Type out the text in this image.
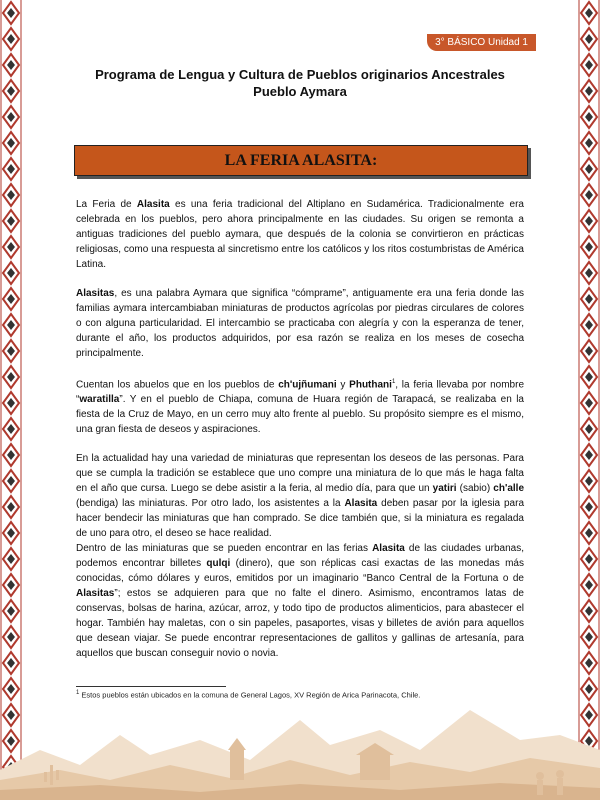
3° BÁSICO Unidad 1
Programa de Lengua y Cultura de Pueblos originarios Ancestrales
Pueblo Aymara
LA FERIA ALASITA:

La Feria de Alasita es una feria tradicional del Altiplano en Sudamérica. Tradicionalmente era celebrada en los pueblos, pero ahora principalmente en las ciudades. Su origen se remonta a antiguas tradiciones del pueblo aymara, que después de la colonia se convirtieron en prácticas religiosas, como una respuesta al sincretismo entre los católicos y los ritos costumbristas de América Latina.

Alasitas, es una palabra Aymara que significa “cómprame”, antiguamente era una feria donde las familias aymara intercambiaban miniaturas de productos agrícolas por piedras circulares de colores o con alguna particularidad. El intercambio se practicaba con alegría y con la esperanza de tener, durante el año, los productos adquiridos, por esa razón se realiza en los meses de cosecha principalmente.

Cuentan los abuelos que en los pueblos de ch'ujñumani y Phuthani$^1$, la feria llevaba por nombre “waratilla”. Y en el pueblo de Chiapa, comuna de Huara región de Tarapacá, se realizaba en la fiesta de la Cruz de Mayo, en un cerro muy alto frente al pueblo. Su propósito siempre es el mismo, una gran fiesta de deseos y aspiraciones.

En la actualidad hay una variedad de miniaturas que representan los deseos de las personas. Para que se cumpla la tradición se establece que uno compre una miniatura de lo que más le haga falta en el año que cursa. Luego se debe asistir a la feria, al medio día, para que un yatiri (sabio) ch'alle (bendiga) las miniaturas. Por otro lado, los asistentes a la Alasita deben pasar por la iglesia para hacer bendecir las miniaturas que han comprado. Se dice también que, si la miniatura es regalada de uno para otro, el deseo se hace realidad.

Dentro de las miniaturas que se pueden encontrar en las ferias Alasita de las ciudades urbanas, podemos encontrar billetes qulqi (dinero), que son réplicas casi exactas de las monedas más conocidas, cómo dólares y euros, emitidos por un imaginario “Banco Central de la Fortuna o de Alasitas”; estos se adquieren para que no falte el dinero. Asimismo, encontramos latas de conservas, bolsas de harina, azúcar, arroz, y todo tipo de productos alimenticios, para abastecer el hogar. También hay maletas, con o sin papeles, pasaportes, visas y billetes de avión para aquellos que desean viajar. Se puede encontrar representaciones de gallitos y gallinas de artesanía, para aquellos que buscan conseguir novio o novia.

$^1$ Estos pueblos están ubicados en la comuna de General Lagos, XV Región de Arica Parinacota, Chile.
